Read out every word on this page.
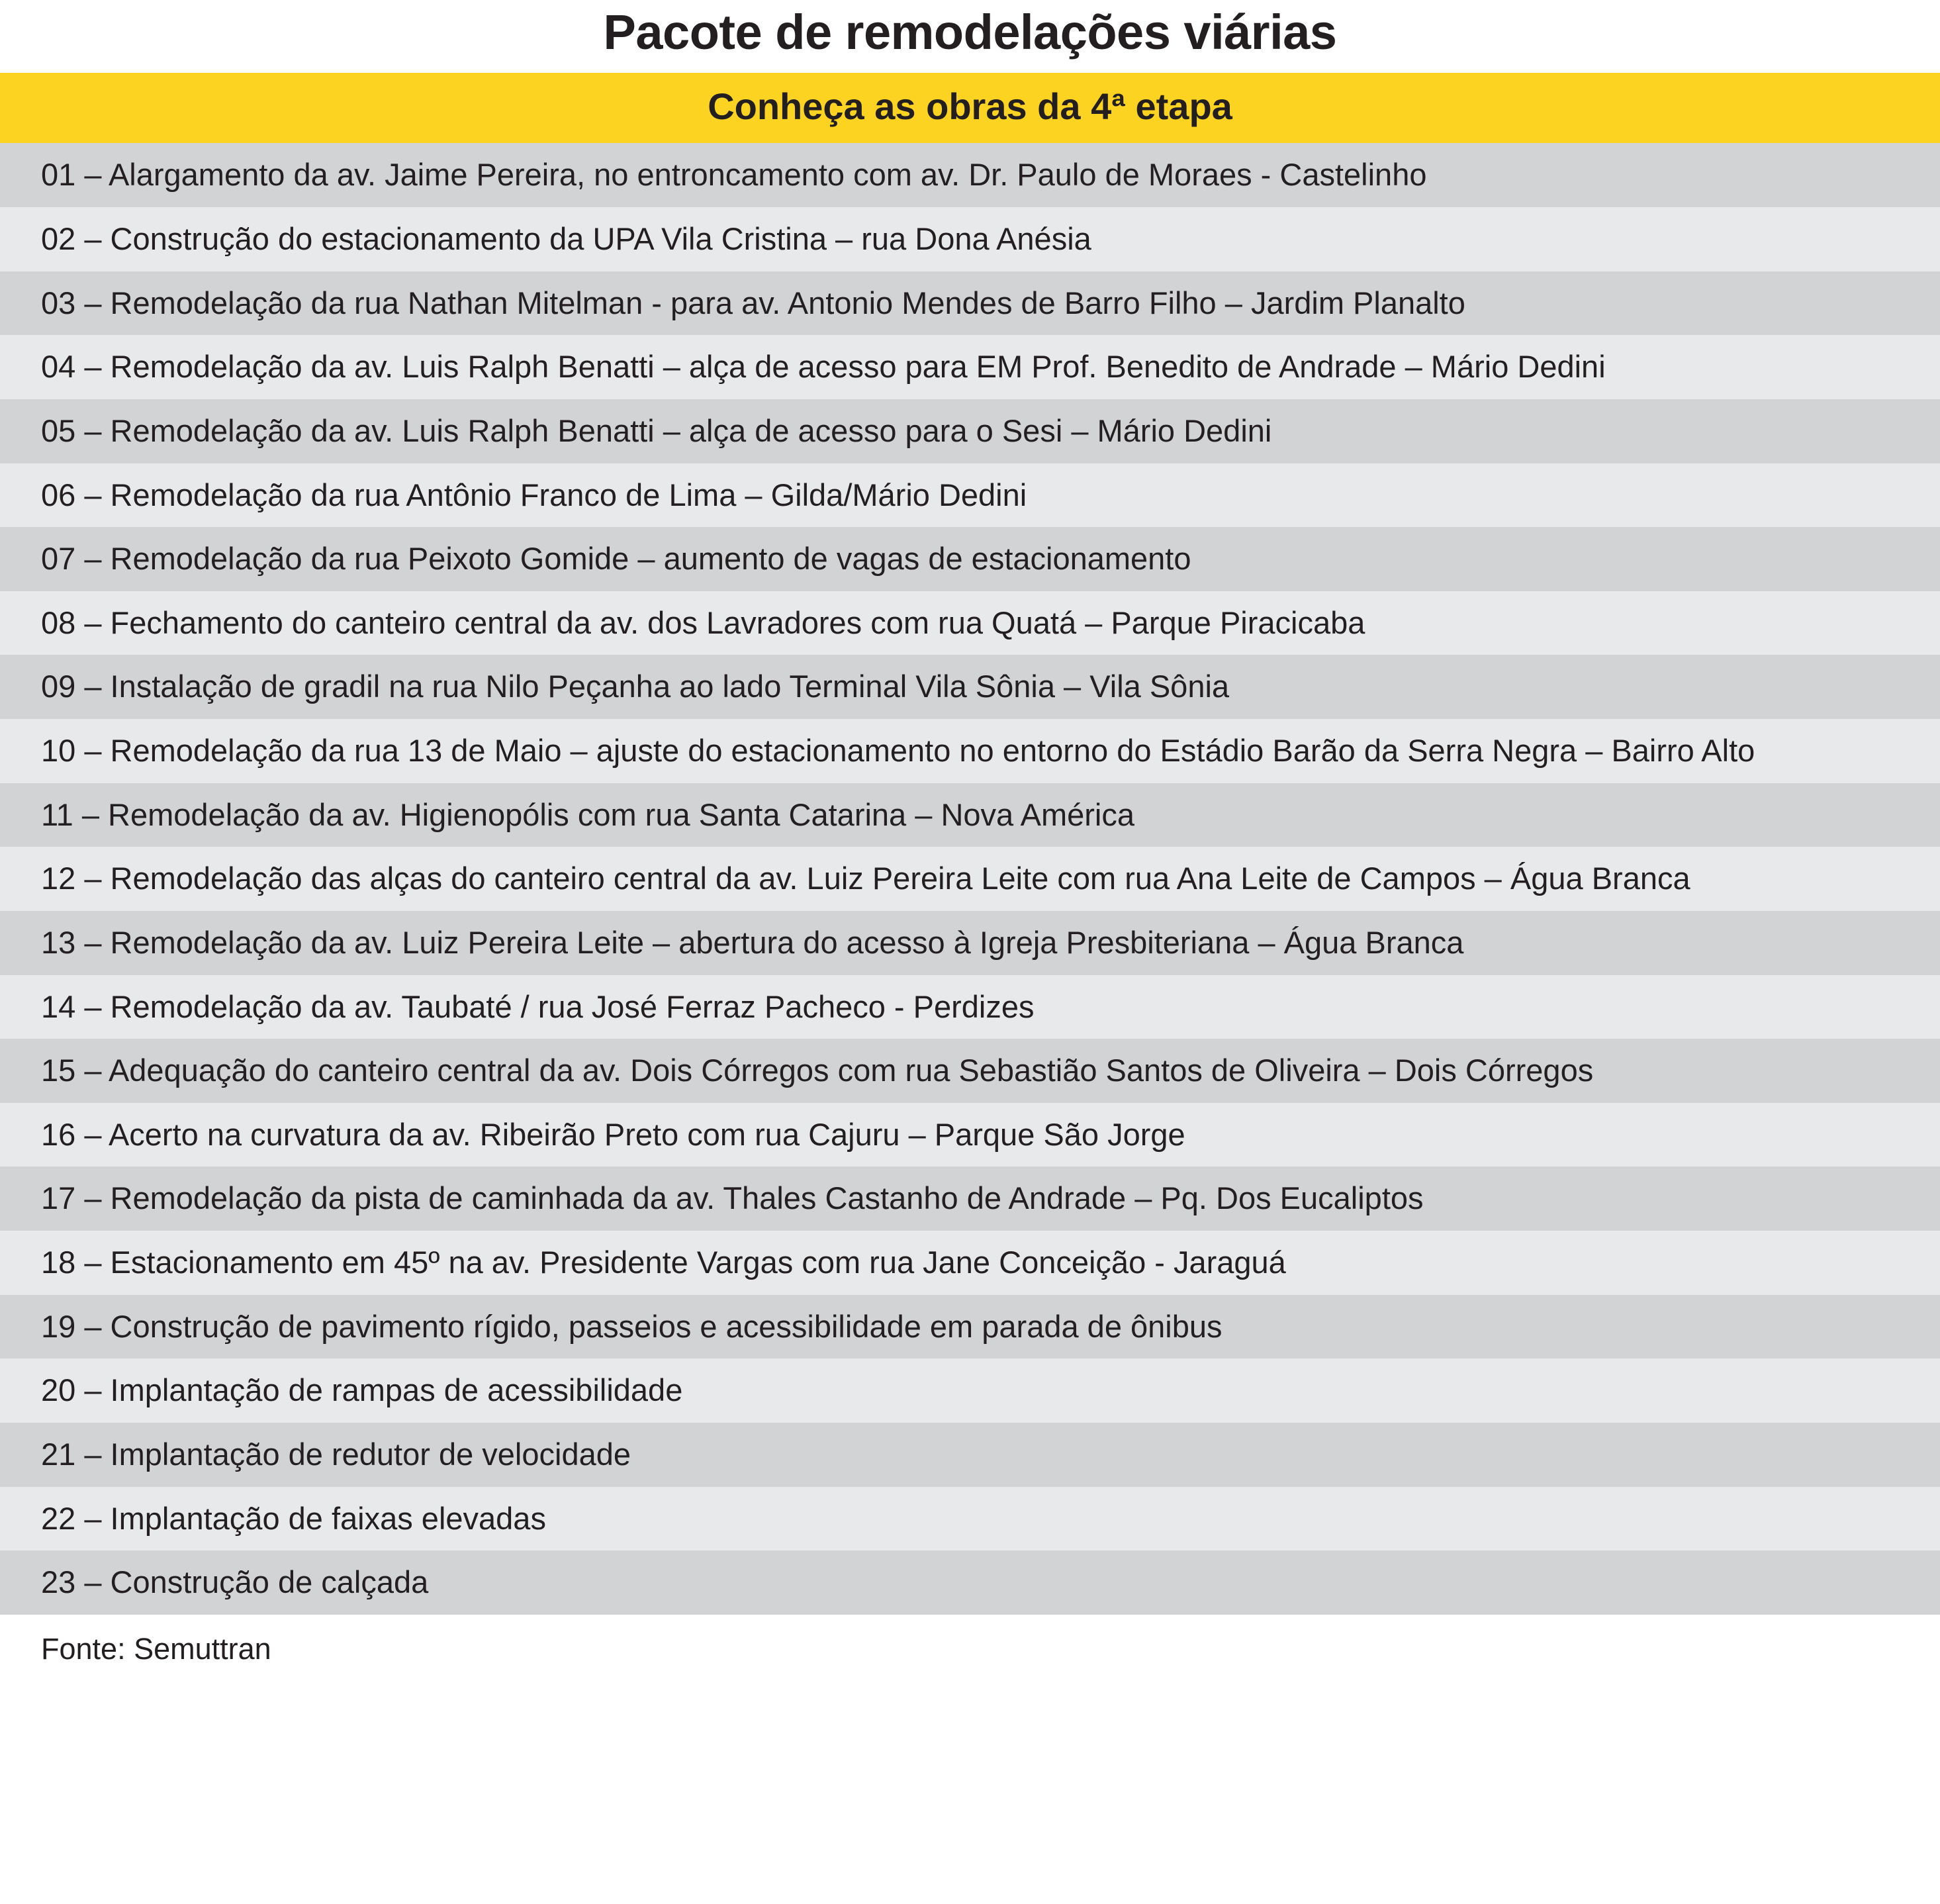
Pacote de remodelações viárias
Conheça as obras da 4ª etapa
01 – Alargamento da av. Jaime Pereira, no entroncamento com av. Dr. Paulo de Moraes - Castelinho
02 – Construção do estacionamento da UPA Vila Cristina – rua Dona Anésia
03 – Remodelação da rua Nathan Mitelman - para av. Antonio Mendes de Barro Filho – Jardim Planalto
04 – Remodelação da av. Luis Ralph Benatti – alça de acesso para EM Prof. Benedito de Andrade – Mário Dedini
05 – Remodelação da av. Luis Ralph Benatti – alça de acesso para o Sesi – Mário Dedini
06 – Remodelação da rua Antônio Franco de Lima – Gilda/Mário Dedini
07 – Remodelação da rua Peixoto Gomide – aumento de vagas de estacionamento
08 – Fechamento do canteiro central da av. dos Lavradores com rua Quatá – Parque Piracicaba
09 – Instalação de gradil na rua Nilo Peçanha ao lado Terminal Vila Sônia – Vila Sônia
10 – Remodelação da rua 13 de Maio – ajuste do estacionamento no entorno do Estádio Barão da Serra Negra – Bairro Alto
11 – Remodelação da av. Higienopólis com rua Santa Catarina – Nova América
12 – Remodelação das alças do canteiro central da av. Luiz Pereira Leite com rua Ana Leite de Campos – Água Branca
13 – Remodelação da av. Luiz Pereira Leite – abertura do acesso à Igreja Presbiteriana – Água Branca
14 – Remodelação da av. Taubaté / rua José Ferraz Pacheco - Perdizes
15 – Adequação do canteiro central da av. Dois Córregos com rua Sebastião Santos de Oliveira – Dois Córregos
16 – Acerto na curvatura da av. Ribeirão Preto com rua Cajuru – Parque São Jorge
17 – Remodelação da pista de caminhada da av. Thales Castanho de Andrade – Pq. Dos Eucaliptos
18 – Estacionamento em 45º na av. Presidente Vargas com rua Jane Conceição - Jaraguá
19 – Construção de pavimento rígido, passeios e acessibilidade em parada de ônibus
20 – Implantação de rampas de acessibilidade
21 – Implantação de redutor de velocidade
22 – Implantação de faixas elevadas
23 – Construção de calçada
Fonte: Semuttran
